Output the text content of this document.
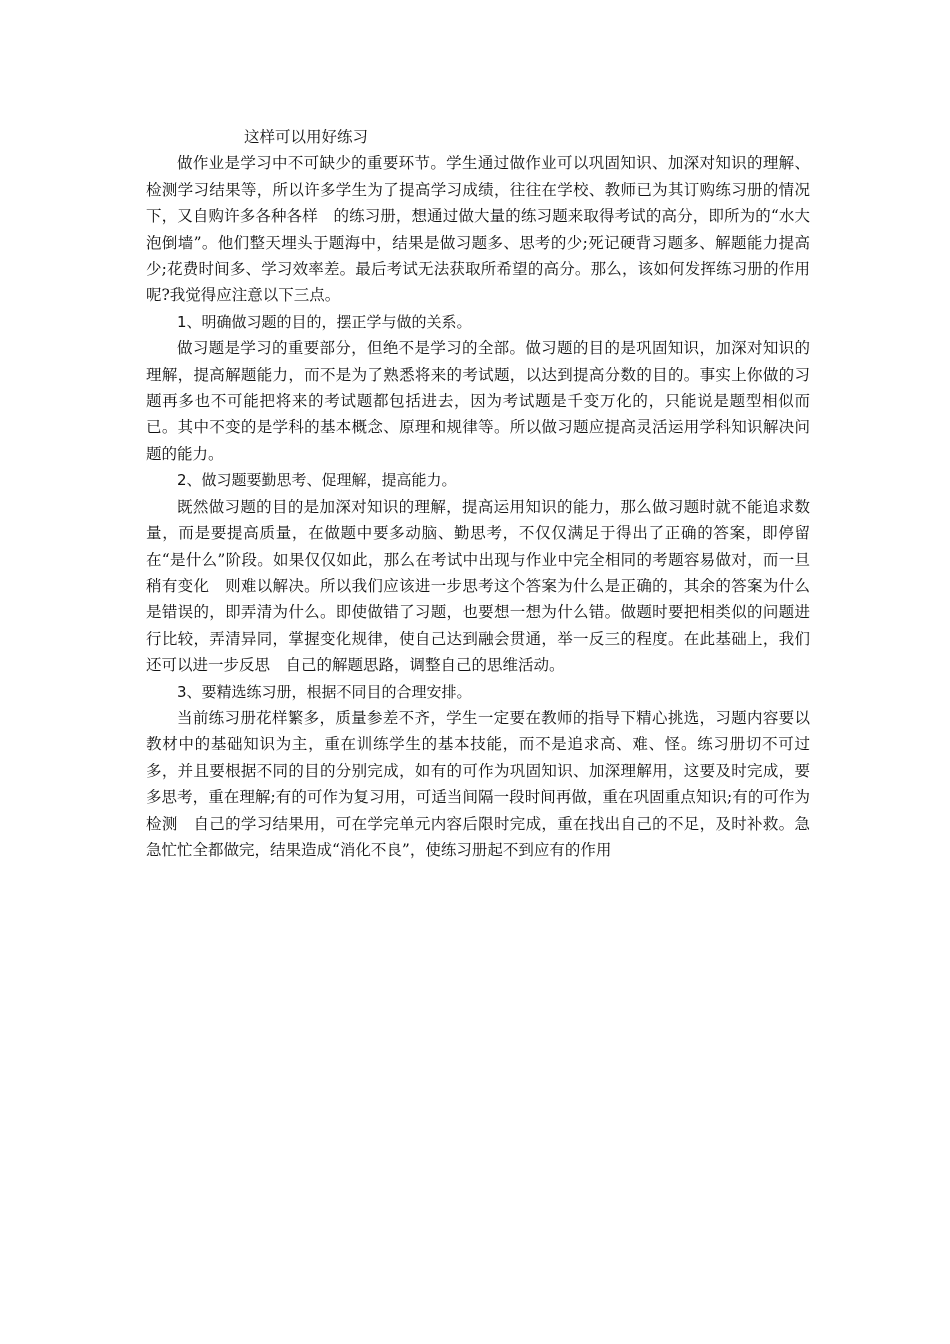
这样可以用好练习

做作业是学习中不可缺少的重要环节。学生通过做作业可以巩固知识、加深对知识的理解、检测学习结果等，所以许多学生为了提高学习成绩，往往在学校、教师已为其订购练习册的情况下，又自购许多各种各样　的练习册，想通过做大量的练习题来取得考试的高分，即所为的“水大泡倒墙”。他们整天埋头于题海中，结果是做习题多、思考的少;死记硬背习题多、解题能力提高少;花费时间多、学习效率差。最后考试无法获取所希望的高分。那么，该如何发挥练习册的作用呢?我觉得应注意以下三点。

1、明确做习题的目的，摆正学与做的关系。

做习题是学习的重要部分，但绝不是学习的全部。做习题的目的是巩固知识，加深对知识的理解，提高解题能力，而不是为了熟悉将来的考试题，以达到提高分数的目的。事实上你做的习题再多也不可能把将来的考试题都包括进去，因为考试题是千变万化的，只能说是题型相似而已。其中不变的是学科的基本概念、原理和规律等。所以做习题应提高灵活运用学科知识解决问题的能力。

2、做习题要勤思考、促理解，提高能力。

既然做习题的目的是加深对知识的理解，提高运用知识的能力，那么做习题时就不能追求数量，而是要提高质量，在做题中要多动脑、勤思考，不仅仅满足于得出了正确的答案，即停留在“是什么”阶段。如果仅仅如此，那么在考试中出现与作业中完全相同的考题容易做对，而一旦稍有变化　则难以解决。所以我们应该进一步思考这个答案为什么是正确的，其余的答案为什么是错误的，即弄清为什么。即使做错了习题，也要想一想为什么错。做题时要把相类似的问题进行比较，弄清异同，掌握变化规律，使自己达到融会贯通，举一反三的程度。在此基础上，我们还可以进一步反思　自己的解题思路，调整自己的思维活动。

3、要精选练习册，根据不同目的合理安排。

当前练习册花样繁多，质量参差不齐，学生一定要在教师的指导下精心挑选，习题内容要以教材中的基础知识为主，重在训练学生的基本技能，而不是追求高、难、怪。练习册切不可过多，并且要根据不同的目的分别完成，如有的可作为巩固知识、加深理解用，这要及时完成，要多思考，重在理解;有的可作为复习用，可适当间隔一段时间再做，重在巩固重点知识;有的可作为检测　自己的学习结果用，可在学完单元内容后限时完成，重在找出自己的不足，及时补救。急急忙忙全都做完，结果造成“消化不良”，使练习册起不到应有的作用
